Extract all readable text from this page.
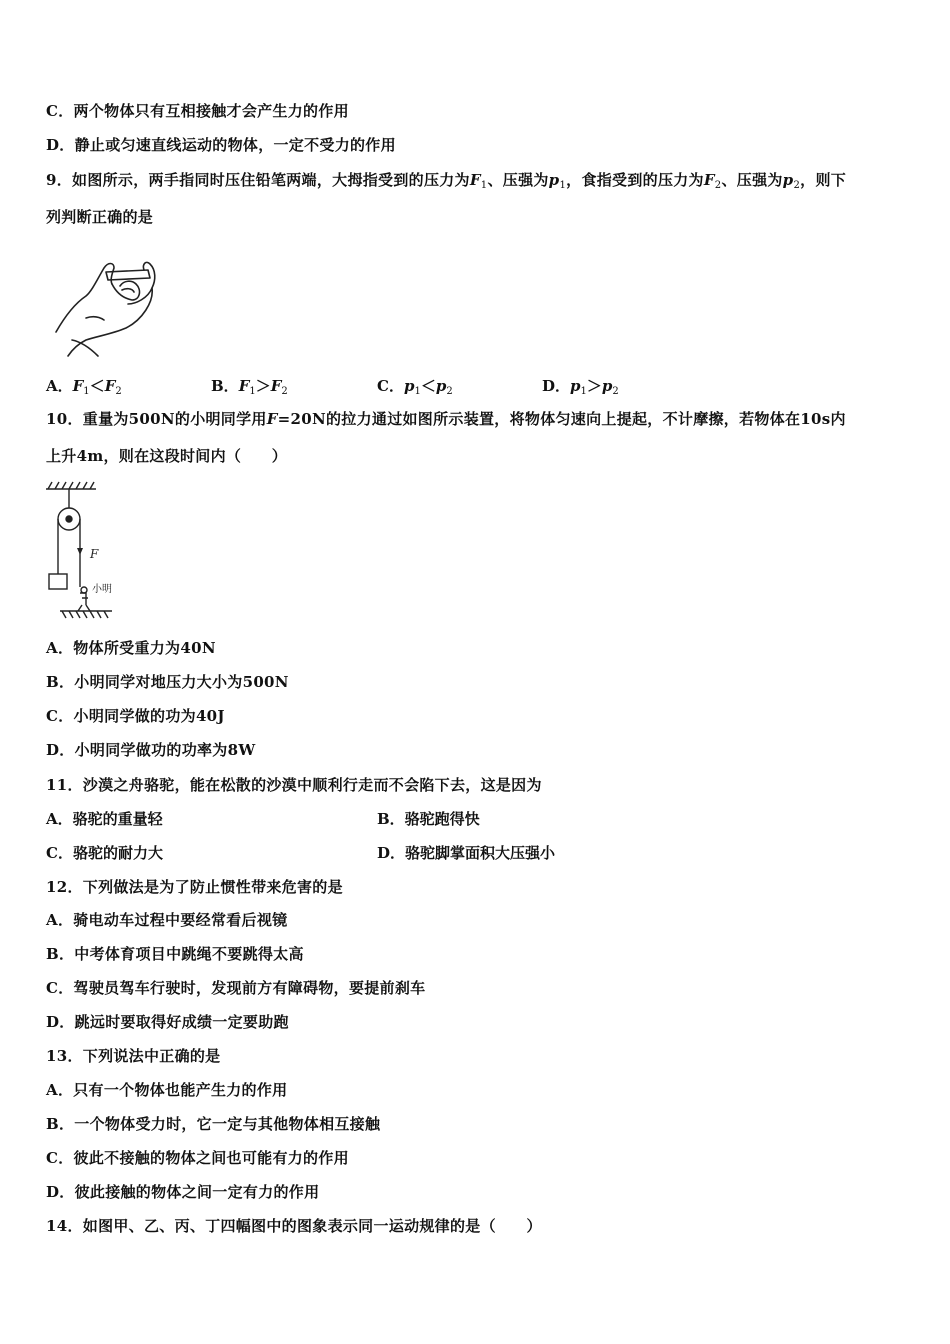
C．两个物体只有互相接触才会产生力的作用
D．静止或匀速直线运动的物体，一定不受力的作用
9．如图所示，两手指同时压住铅笔两端，大拇指受到的压力为$F_1$、压强为$p_1$，食指受到的压力为$F_2$、压强为$p_2$，则下
列判断正确的是
A．$F_1<F_2$	B．$F_1>F_2$	C．$p_1<p_2$	D．$p_1>p_2$
10．重量为500N的小明同学用F=20N的拉力通过如图所示装置，将物体匀速向上提起，不计摩擦，若物体在10s内
上升4m，则在这段时间内（　　）
F
小明
A．物体所受重力为40N
B．小明同学对地压力大小为500N
C．小明同学做的功为40J
D．小明同学做功的功率为8W
11．沙漠之舟骆驼，能在松散的沙漠中顺利行走而不会陷下去，这是因为
A．骆驼的重量轻	B．骆驼跑得快
C．骆驼的耐力大	D．骆驼脚掌面积大压强小
12．下列做法是为了防止惯性带来危害的是
A．骑电动车过程中要经常看后视镜
B．中考体育项目中跳绳不要跳得太高
C．驾驶员驾车行驶时，发现前方有障碍物，要提前刹车
D．跳远时要取得好成绩一定要助跑
13．下列说法中正确的是
A．只有一个物体也能产生力的作用
B．一个物体受力时，它一定与其他物体相互接触
C．彼此不接触的物体之间也可能有力的作用
D．彼此接触的物体之间一定有力的作用
14．如图甲、乙、丙、丁四幅图中的图象表示同一运动规律的是（　　）
